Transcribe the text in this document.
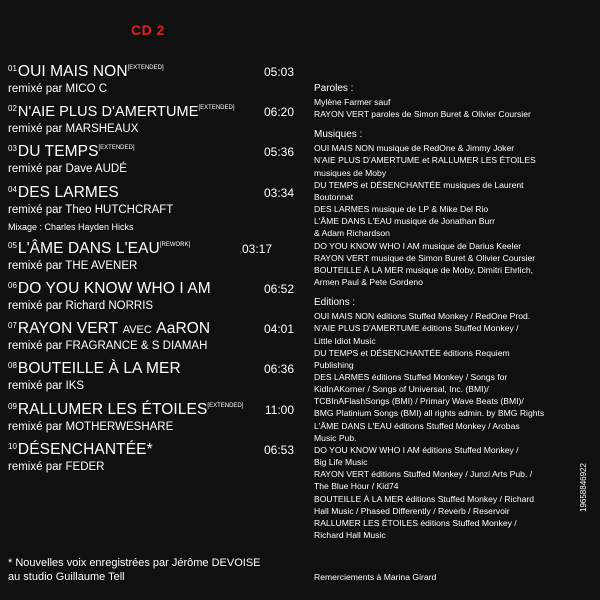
CD 2
$^{01}$OUI MAIS NON[EXTENDED]	05:03
remixé par MICO C
$^{02}$N'AIE PLUS D'AMERTUME[EXTENDED] 06:20
remixé par MARSHEAUX
$^{03}$DU TEMPS[EXTENDED]	05:36
remixé par Dave AUDÉ
$^{04}$DES LARMES	03:34
remixé par Theo HUTCHCRAFT
Mixage : Charles Hayden Hicks
$^{05}$L'ÂME DANS L'EAU[REWORK]	03:17
remixé par THE AVENER
$^{06}$DO YOU KNOW WHO I AM	06:52
remixé par Richard NORRIS
$^{07}$RAYON VERT AVEC AaRON	04:01
remixé par FRAGRANCE & S DIAMAH
$^{08}$BOUTEILLE À LA MER	06:36
remixé par IKS
$^{09}$RALLUMER LES ÉTOILES[EXTENDED] 11:00
remixé par MOTHERWESHARE
$^{10}$DÉSENCHANTÉE*	06:53
remixé par FEDER
* Nouvelles voix enregistrées par Jérôme DEVOISE
au studio Guillaume Tell
Paroles :
Mylène Farmer sauf
RAYON VERT paroles de Simon Buret & Olivier Coursier
Musiques :
OUI MAIS NON musique de RedOne & Jimmy Joker
N'AIE PLUS D'AMERTUME et RALLUMER LES ÉTOILES
musiques de Moby
DU TEMPS et DÉSENCHANTÉE musiques de Laurent
Boutonnat
DES LARMES musique de LP & Mike Del Rio
L'ÂME DANS L'EAU musique de Jonathan Burr
& Adam Richardson
DO YOU KNOW WHO I AM musique de Darius Keeler
RAYON VERT musique de Simon Buret & Olivier Coursier
BOUTEILLE À LA MER musique de Moby, Dimitri Ehrlich,
Armen Paul & Pete Gordeno
Editions :
OUI MAIS NON éditions Stuffed Monkey / RedOne Prod.
N'AIE PLUS D'AMERTUME éditions Stuffed Monkey /
Little Idiot Music
DU TEMPS et DÉSENCHANTÉE éditions Requiem
Publishing
DES LARMES éditions Stuffed Monkey / Songs for
KidInAKorner / Songs of Universal, Inc. (BMI)/
TCBInAFlashSongs (BMI) / Primary Wave Beats (BMI)/
BMG Platinium Songs (BMI) all rights admin. by BMG Rights
L'ÂME DANS L'EAU éditions Stuffed Monkey / Arobas
Music Pub.
DO YOU KNOW WHO I AM éditions Stuffed Monkey /
Big Life Music
RAYON VERT éditions Stuffed Monkey / Junzi Arts Pub. /
The Blue Hour / Kid74
BOUTEILLE À LA MER éditions Stuffed Monkey / Richard
Hall Music / Phased Differently / Reverb / Reservoir
RALLUMER LES ÉTOILES éditions Stuffed Monkey /
Richard Hall Music
Remerciements à Marina Girard
19658846922
